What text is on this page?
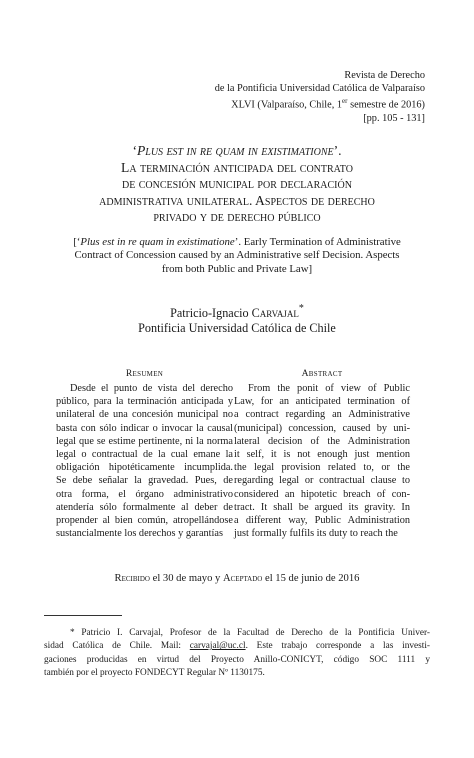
Revista de Derecho
de la Pontificia Universidad Católica de Valparaíso
XLVI (Valparaíso, Chile, 1er semestre de 2016)
[pp. 105 - 131]
‘Plus est in re quam in existimatione’.
La terminación anticipada del contrato
de concesión municipal por declaración
administrativa unilateral. Aspectos de derecho
privado y de derecho público
[‘Plus est in re quam in existimatione’. Early Termination of Administrative
Contract of Concession caused by an Administrative self Decision. Aspects
from both Public and Private Law]
Patricio-Ignacio Carvajal*
Pontificia Universidad Católica de Chile
Resumen
Desde el punto de vista del derecho
público, para la terminación anticipada y
unilateral de una concesión municipal no
basta con sólo indicar o invocar la causal
legal que se estime pertinente, ni la norma
legal o contractual de la cual emane la
obligación hipotéticamente incumplida.
Se debe señalar la gravedad. Pues, de
otra forma, el órgano administrativo
atendería sólo formalmente al deber de
propender al bien común, atropellándose
sustancialmente los derechos y garantías
Abstract
From the ponit of view of Public
Law, for an anticipated termination of
a contract regarding an Administrative
(municipal) concession, caused by uni-
lateral decision of the Administration
it self, it is not enough just mention
the legal provision related to, or the
regarding legal or contractual clause to
considered an hipotetic breach of con-
tract. It shall be argued its gravity. In
a different way, Public Administration
just formally fulfils its duty to reach the
Recibido el 30 de mayo y Aceptado el 15 de junio de 2016
* Patricio I. Carvajal, Profesor de la Facultad de Derecho de la Pontificia Univer-
sidad Católica de Chile. Mail: carvajal@uc.cl. Este trabajo corresponde a las investi-
gaciones producidas en virtud del Proyecto Anillo-CONICYT, código SOC 1111 y
también por el proyecto FONDECYT Regular Nº 1130175.
